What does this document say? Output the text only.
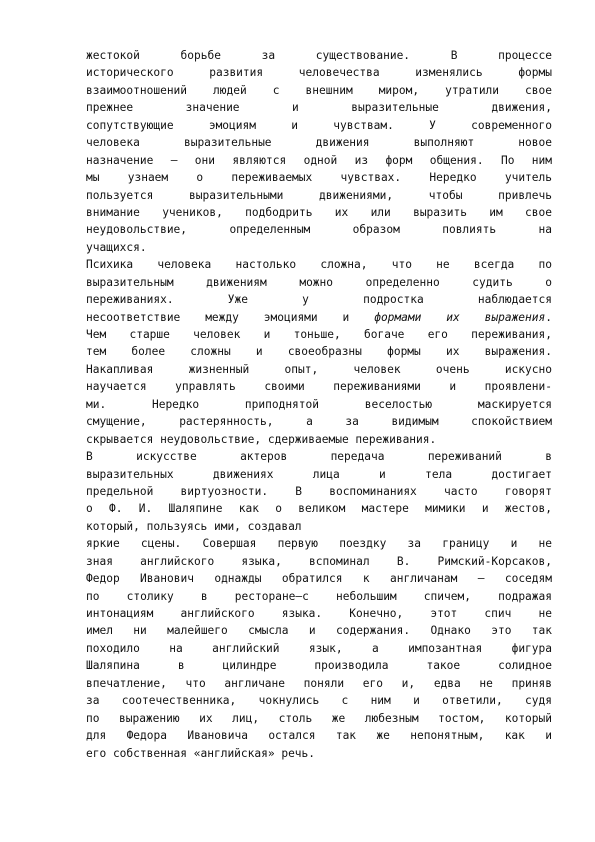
жестокой борьбе за существование. В процессе
исторического развития человечества изменялись формы
взаимоотношений людей с внешним миром, утратили свое
прежнее значение и выразительные движения,
сопутствующие эмоциям и чувствам. У современного
человека выразительные движения выполняют новое
назначение — они являются одной из форм общения. По ним
мы узнаем о переживаемых чувствах. Нередко учитель
пользуется выразительными движениями, чтобы привлечь
внимание учеников, подбодрить их или выразить им свое
неудовольствие, определенным образом повлиять на
учащихся.
Психика человека настолько сложна, что не всегда по
выразительным движениям можно определенно судить о
переживаниях. Уже у подростка наблюдается
несоответствие между эмоциями и формами их выражения.
Чем старше человек и тоньше, богаче его переживания,
тем более сложны и своеобразны формы их выражения.
Накапливая жизненный опыт, человек очень искусно
научается управлять своими переживаниями и проявлени-
ми. Нередко приподнятой веселостью маскируется
смущение, растерянность, а за видимым спокойствием
скрывается неудовольствие, сдерживаемые переживания.
В искусстве актеров передача переживаний в
выразительных движениях лица и тела достигает
предельной виртуозности. В воспоминаниях часто говорят
о Ф. И. Шаляпине как о великом мастере мимики и жестов,
который, пользуясь ими, создавал
яркие сцены. Совершая первую поездку за границу и не
зная английского языка, вспоминал В. Римский-Корсаков,
Федор Иванович однажды обратился к англичанам — соседям
по столику в ресторане—с небольшим спичем, подражая
интонациям английского языка. Конечно, этот спич не
имел ни малейшего смысла и содержания. Однако это так
походило на английский язык, а импозантная фигура
Шаляпина в цилиндре производила такое солидное
впечатление, что англичане поняли его и, едва не приняв
за соотечественника, чокнулись с ним и ответили, судя
по выражению их лиц, столь же любезным тостом, который
для Федора Ивановича остался так же непонятным, как и
его собственная «английская» речь.
